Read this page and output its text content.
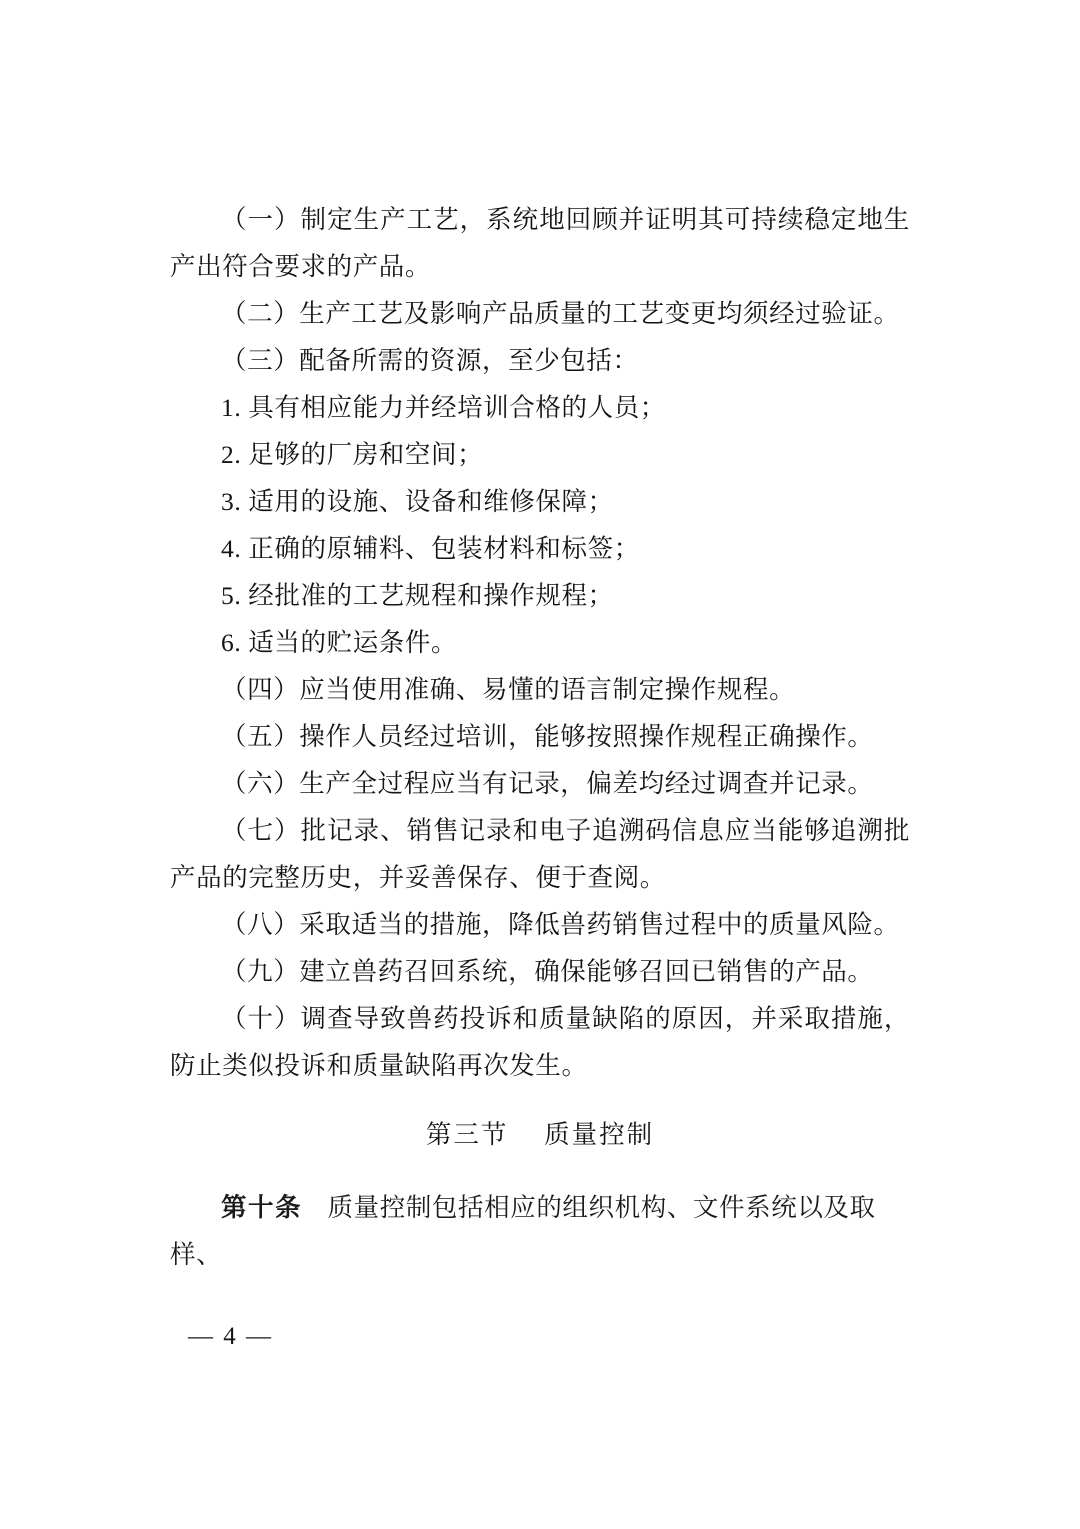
（一）制定生产工艺，系统地回顾并证明其可持续稳定地生产出符合要求的产品。

（二）生产工艺及影响产品质量的工艺变更均须经过验证。

（三）配备所需的资源，至少包括：

1. 具有相应能力并经培训合格的人员；

2. 足够的厂房和空间；

3. 适用的设施、设备和维修保障；

4. 正确的原辅料、包装材料和标签；

5. 经批准的工艺规程和操作规程；

6. 适当的贮运条件。

（四）应当使用准确、易懂的语言制定操作规程。

（五）操作人员经过培训，能够按照操作规程正确操作。

（六）生产全过程应当有记录，偏差均经过调查并记录。

（七）批记录、销售记录和电子追溯码信息应当能够追溯批产品的完整历史，并妥善保存、便于查阅。

（八）采取适当的措施，降低兽药销售过程中的质量风险。

（九）建立兽药召回系统，确保能够召回已销售的产品。

（十）调查导致兽药投诉和质量缺陷的原因，并采取措施，防止类似投诉和质量缺陷再次发生。

第三节 质量控制

第十条 质量控制包括相应的组织机构、文件系统以及取样、

— 4 —
